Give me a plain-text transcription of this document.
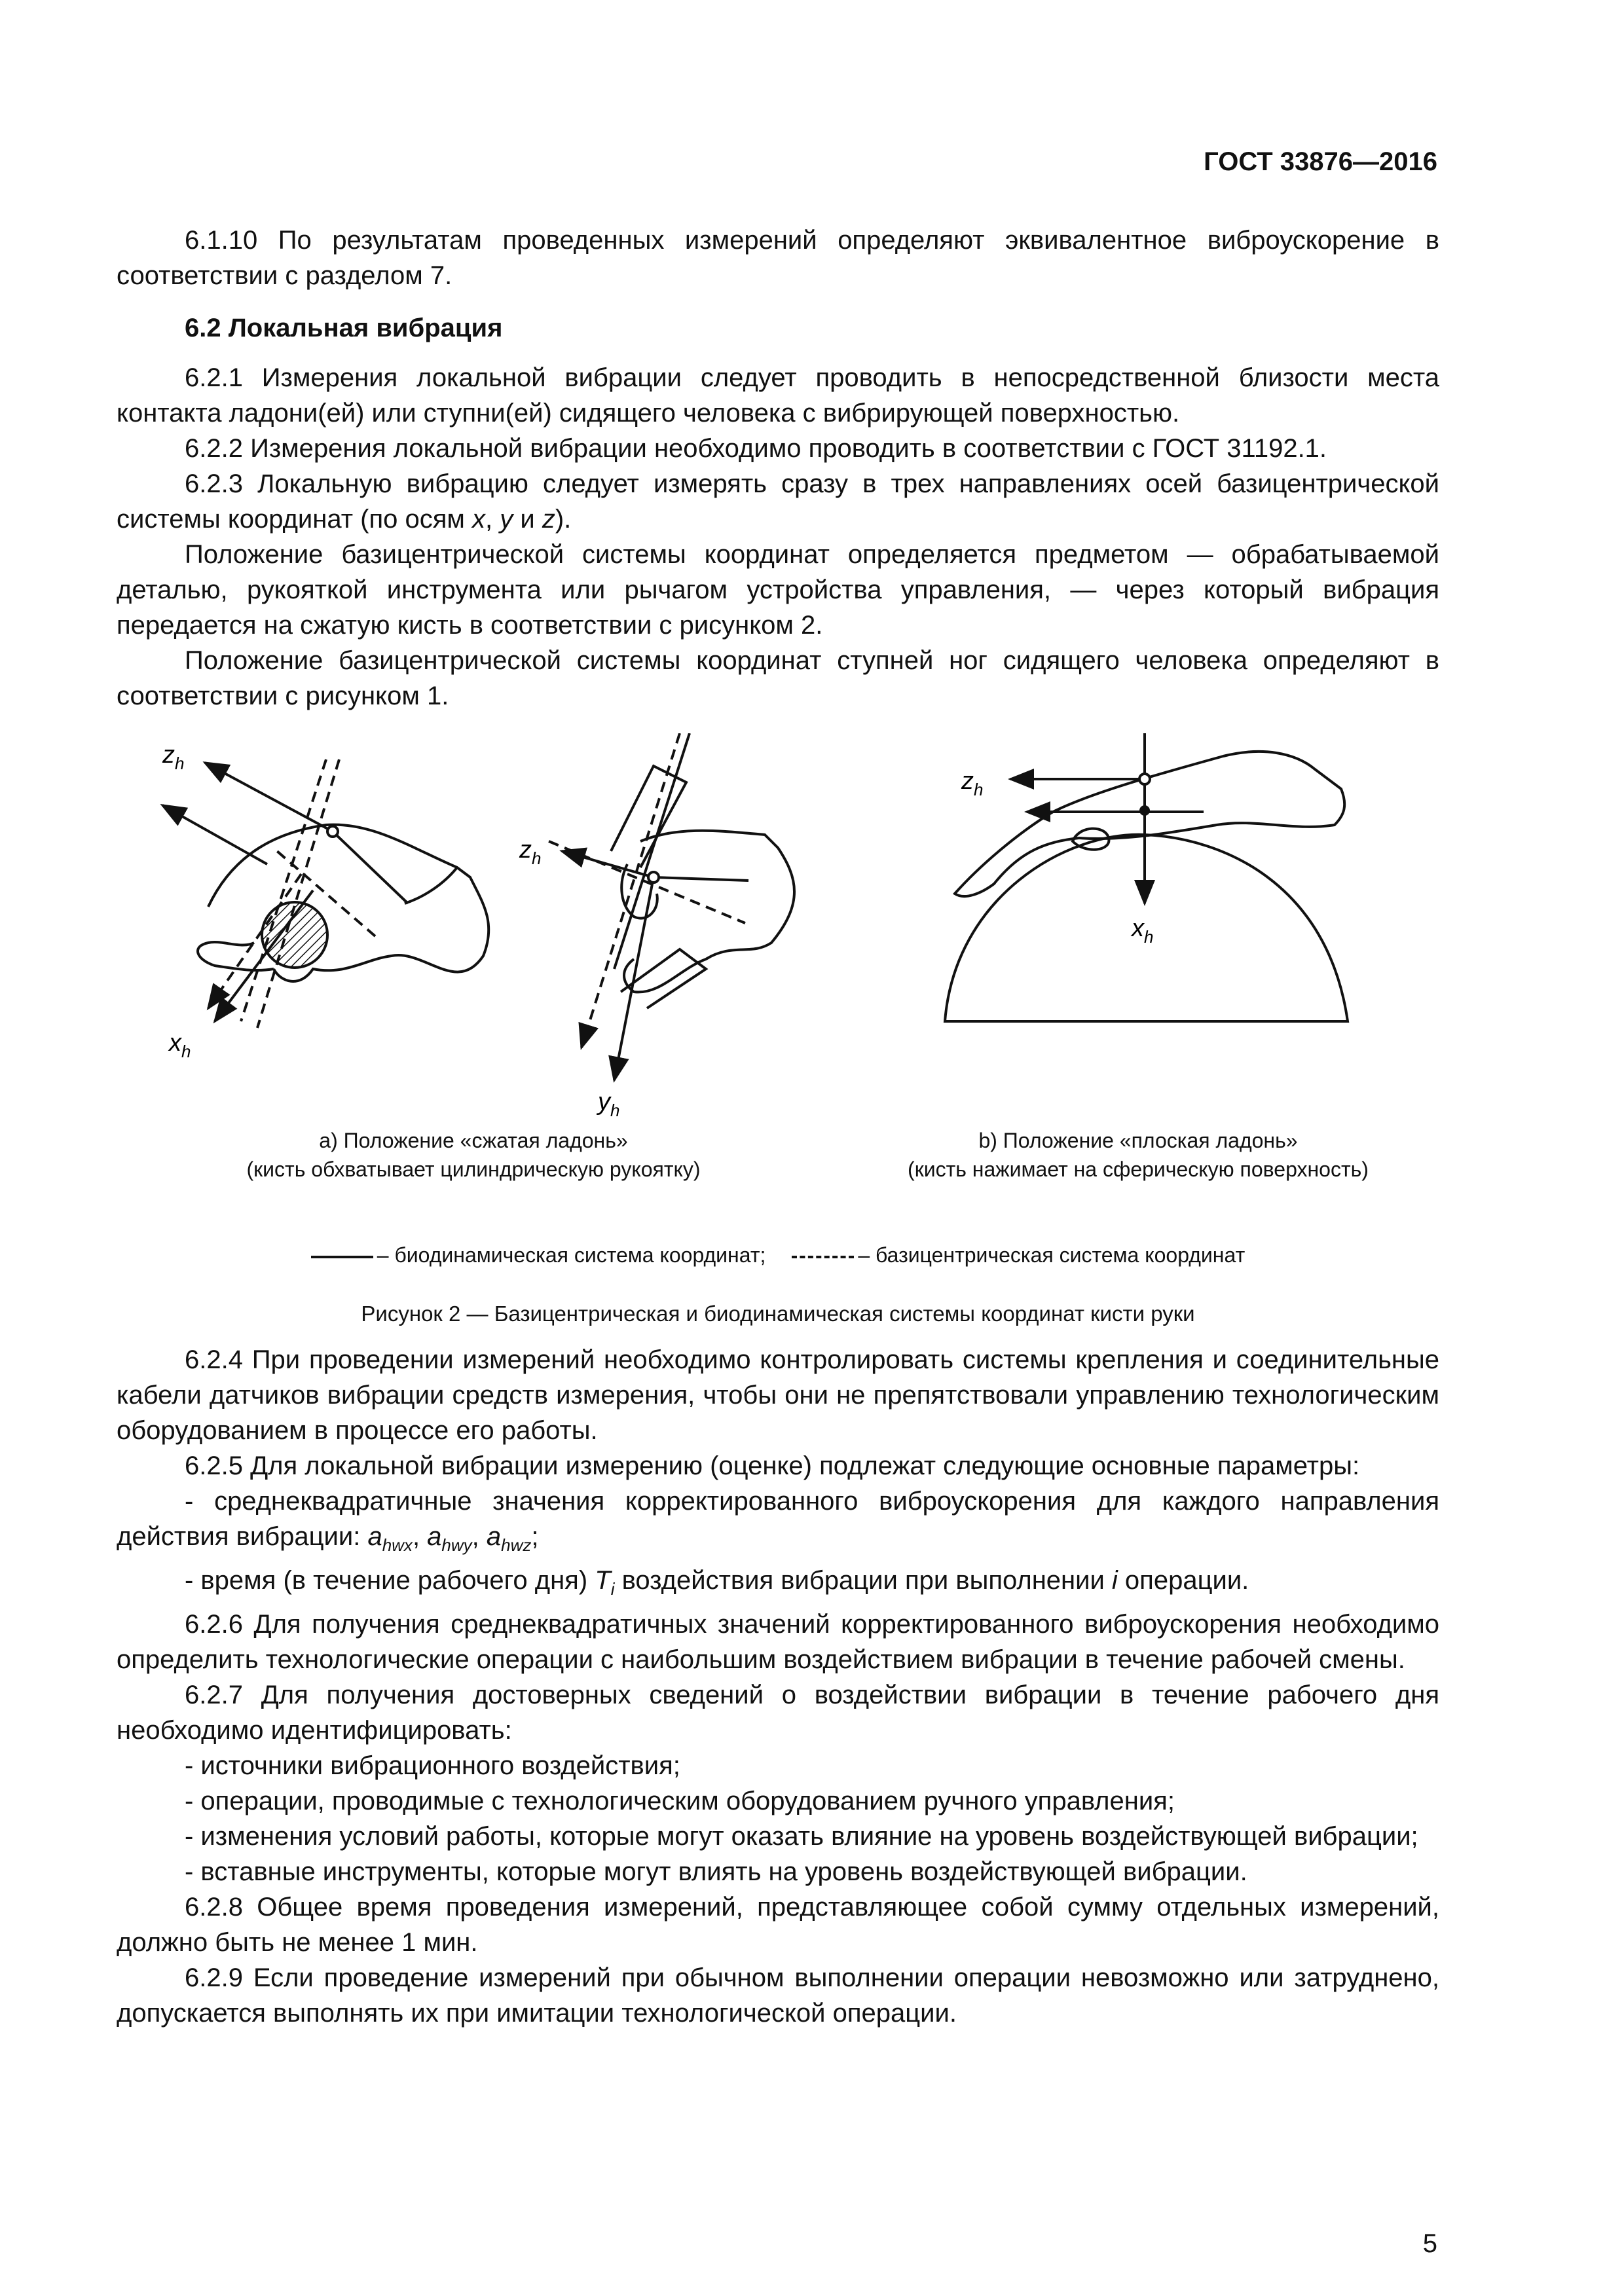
ГОСТ 33876—2016

6.1.10 По результатам проведенных измерений определяют эквивалентное виброускорение в соответствии с разделом 7.

6.2 Локальная вибрация

6.2.1 Измерения локальной вибрации следует проводить в непосредственной близости места контакта ладони(ей) или ступни(ей) сидящего человека с вибрирующей поверхностью.

6.2.2 Измерения локальной вибрации необходимо проводить в соответствии с ГОСТ 31192.1.

6.2.3 Локальную вибрацию следует измерять сразу в трех направлениях осей базицентрической системы координат (по осям x, y и z).

Положение базицентрической системы координат определяется предметом — обрабатываемой деталью, рукояткой инструмента или рычагом устройства управления, — через который вибрация передается на сжатую кисть в соответствии с рисунком 2.

Положение базицентрической системы координат ступней ног сидящего человека определяют в соответствии с рисунком 1.

$z_h$
$x_h$
$z_h$
$y_h$
$z_h$
$x_h$
а) Положение «сжатая ладонь»
(кисть обхватывает цилиндрическую рукоятку)
b) Положение «плоская ладонь»
(кисть нажимает на сферическую поверхность)
– биодинамическая система координат;	– базицентрическая система координат
Рисунок 2 — Базицентрическая и биодинамическая системы координат кисти руки

6.2.4 При проведении измерений необходимо контролировать системы крепления и соединительные кабели датчиков вибрации средств измерения, чтобы они не препятствовали управлению технологическим оборудованием в процессе его работы.

6.2.5 Для локальной вибрации измерению (оценке) подлежат следующие основные параметры:

- среднеквадратичные значения корректированного виброускорения для каждого направления действия вибрации: $a_{hwx}$, $a_{hwy}$, $a_{hwz}$;

- время (в течение рабочего дня) $T_i$ воздействия вибрации при выполнении i операции.

6.2.6 Для получения среднеквадратичных значений корректированного виброускорения необходимо определить технологические операции с наибольшим воздействием вибрации в течение рабочей смены.

6.2.7 Для получения достоверных сведений о воздействии вибрации в течение рабочего дня необходимо идентифицировать:

- источники вибрационного воздействия;

- операции, проводимые с технологическим оборудованием ручного управления;

- изменения условий работы, которые могут оказать влияние на уровень воздействующей вибрации;

- вставные инструменты, которые могут влиять на уровень воздействующей вибрации.

6.2.8 Общее время проведения измерений, представляющее собой сумму отдельных измерений, должно быть не менее 1 мин.

6.2.9 Если проведение измерений при обычном выполнении операции невозможно или затруднено, допускается выполнять их при имитации технологической операции.

5
